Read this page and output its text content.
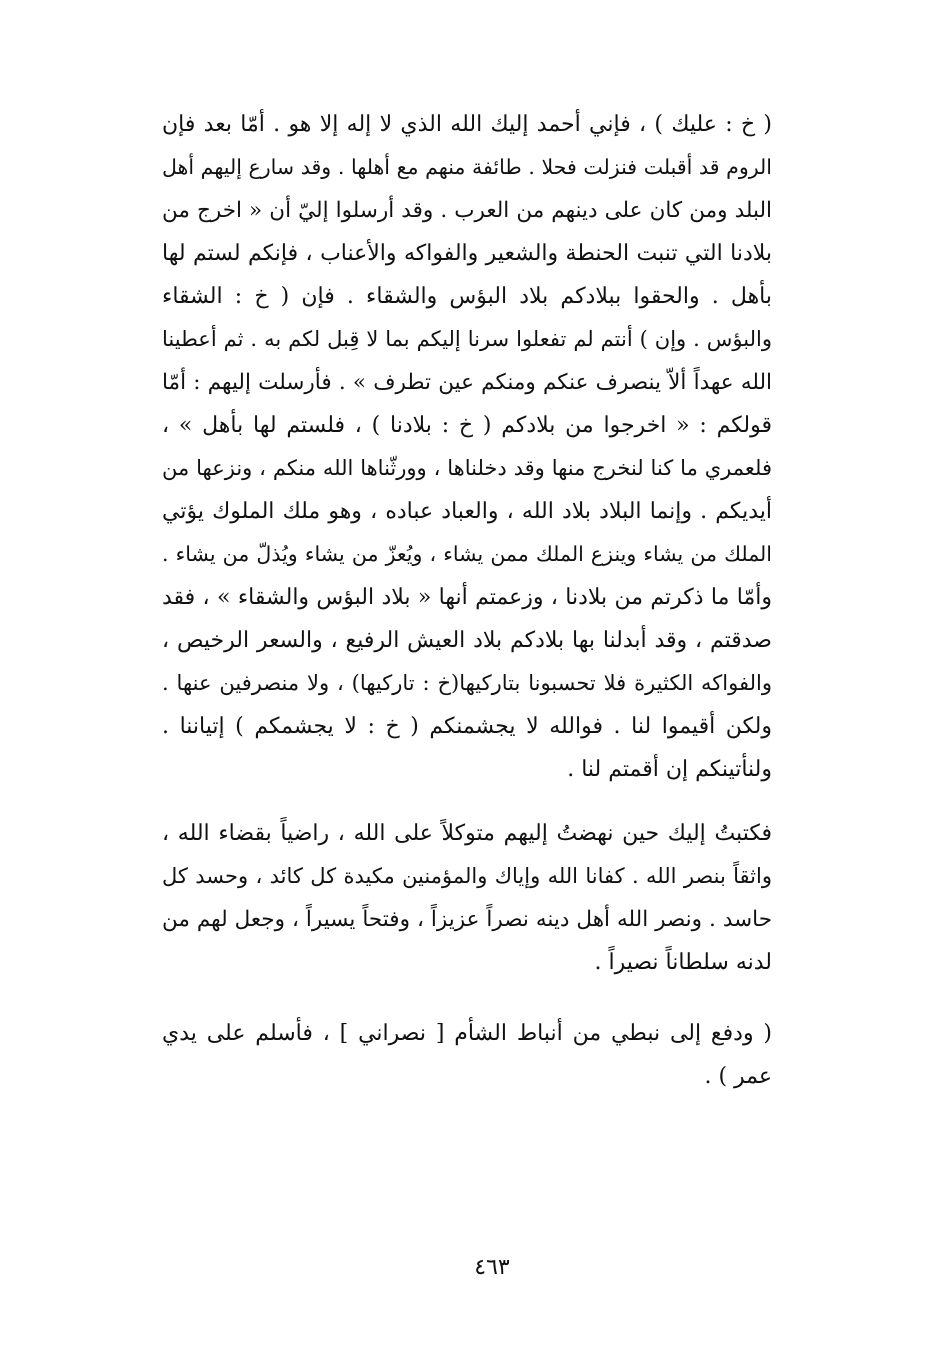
( خ : عليك ) ، فإني أحمد إليك الله الذي لا إله إلا هو . أمّا بعد فإن
الروم قد أقبلت فنزلت فحلا . طائفة منهم مع أهلها . وقد سارع إليهم أهل
البلد ومن كان على دينهم من العرب . وقد أرسلوا إليّ أن « اخرج من
بلادنا التي تنبت الحنطة والشعير والفواكه والأعناب ، فإنكم لستم لها
بأهل . والحقوا ببلادكم بلاد البؤس والشقاء . فإن ( خ : الشقاء
والبؤس . وإن ) أنتم لم تفعلوا سرنا إليكم بما لا قِبل لكم به . ثم أعطينا
الله عهداً ألاّ ينصرف عنكم ومنكم عين تطرف » . فأرسلت إليهم : أمّا
قولكم : « اخرجوا من بلادكم ( خ : بلادنا ) ، فلستم لها بأهل » ،
فلعمري ما كنا لنخرج منها وقد دخلناها ، وورثّناها الله منكم ، ونزعها من
أيديكم . وإنما البلاد بلاد الله ، والعباد عباده ، وهو ملك الملوك يؤتي
الملك من يشاء وينزع الملك ممن يشاء ، ويُعزّ من يشاء ويُذلّ من يشاء .
وأمّا ما ذكرتم من بلادنا ، وزعمتم أنها « بلاد البؤس والشقاء » ، فقد
صدقتم ، وقد أبدلنا بها بلادكم بلاد العيش الرفيع ، والسعر الرخيص ،
والفواكه الكثيرة فلا تحسبونا بتاركيها(خ : تاركيها) ، ولا منصرفين عنها .
ولكن أقيموا لنا . فوالله لا يجشمنكم ( خ : لا يجشمكم ) إتياننا .
ولنأتينكم إن أقمتم لنا .
فكتبتُ إليك حين نهضتُ إليهم متوكلاً على الله ، راضياً بقضاء الله ،
واثقاً بنصر الله . كفانا الله وإياك والمؤمنين مكيدة كل كائد ، وحسد كل
حاسد . ونصر الله أهل دينه نصراً عزيزاً ، وفتحاً يسيراً ، وجعل لهم من
لدنه سلطاناً نصيراً .
( ودفع إلى نبطي من أنباط الشأم [ نصراني ] ، فأسلم على يدي
عمر ) .
٤٦٣
